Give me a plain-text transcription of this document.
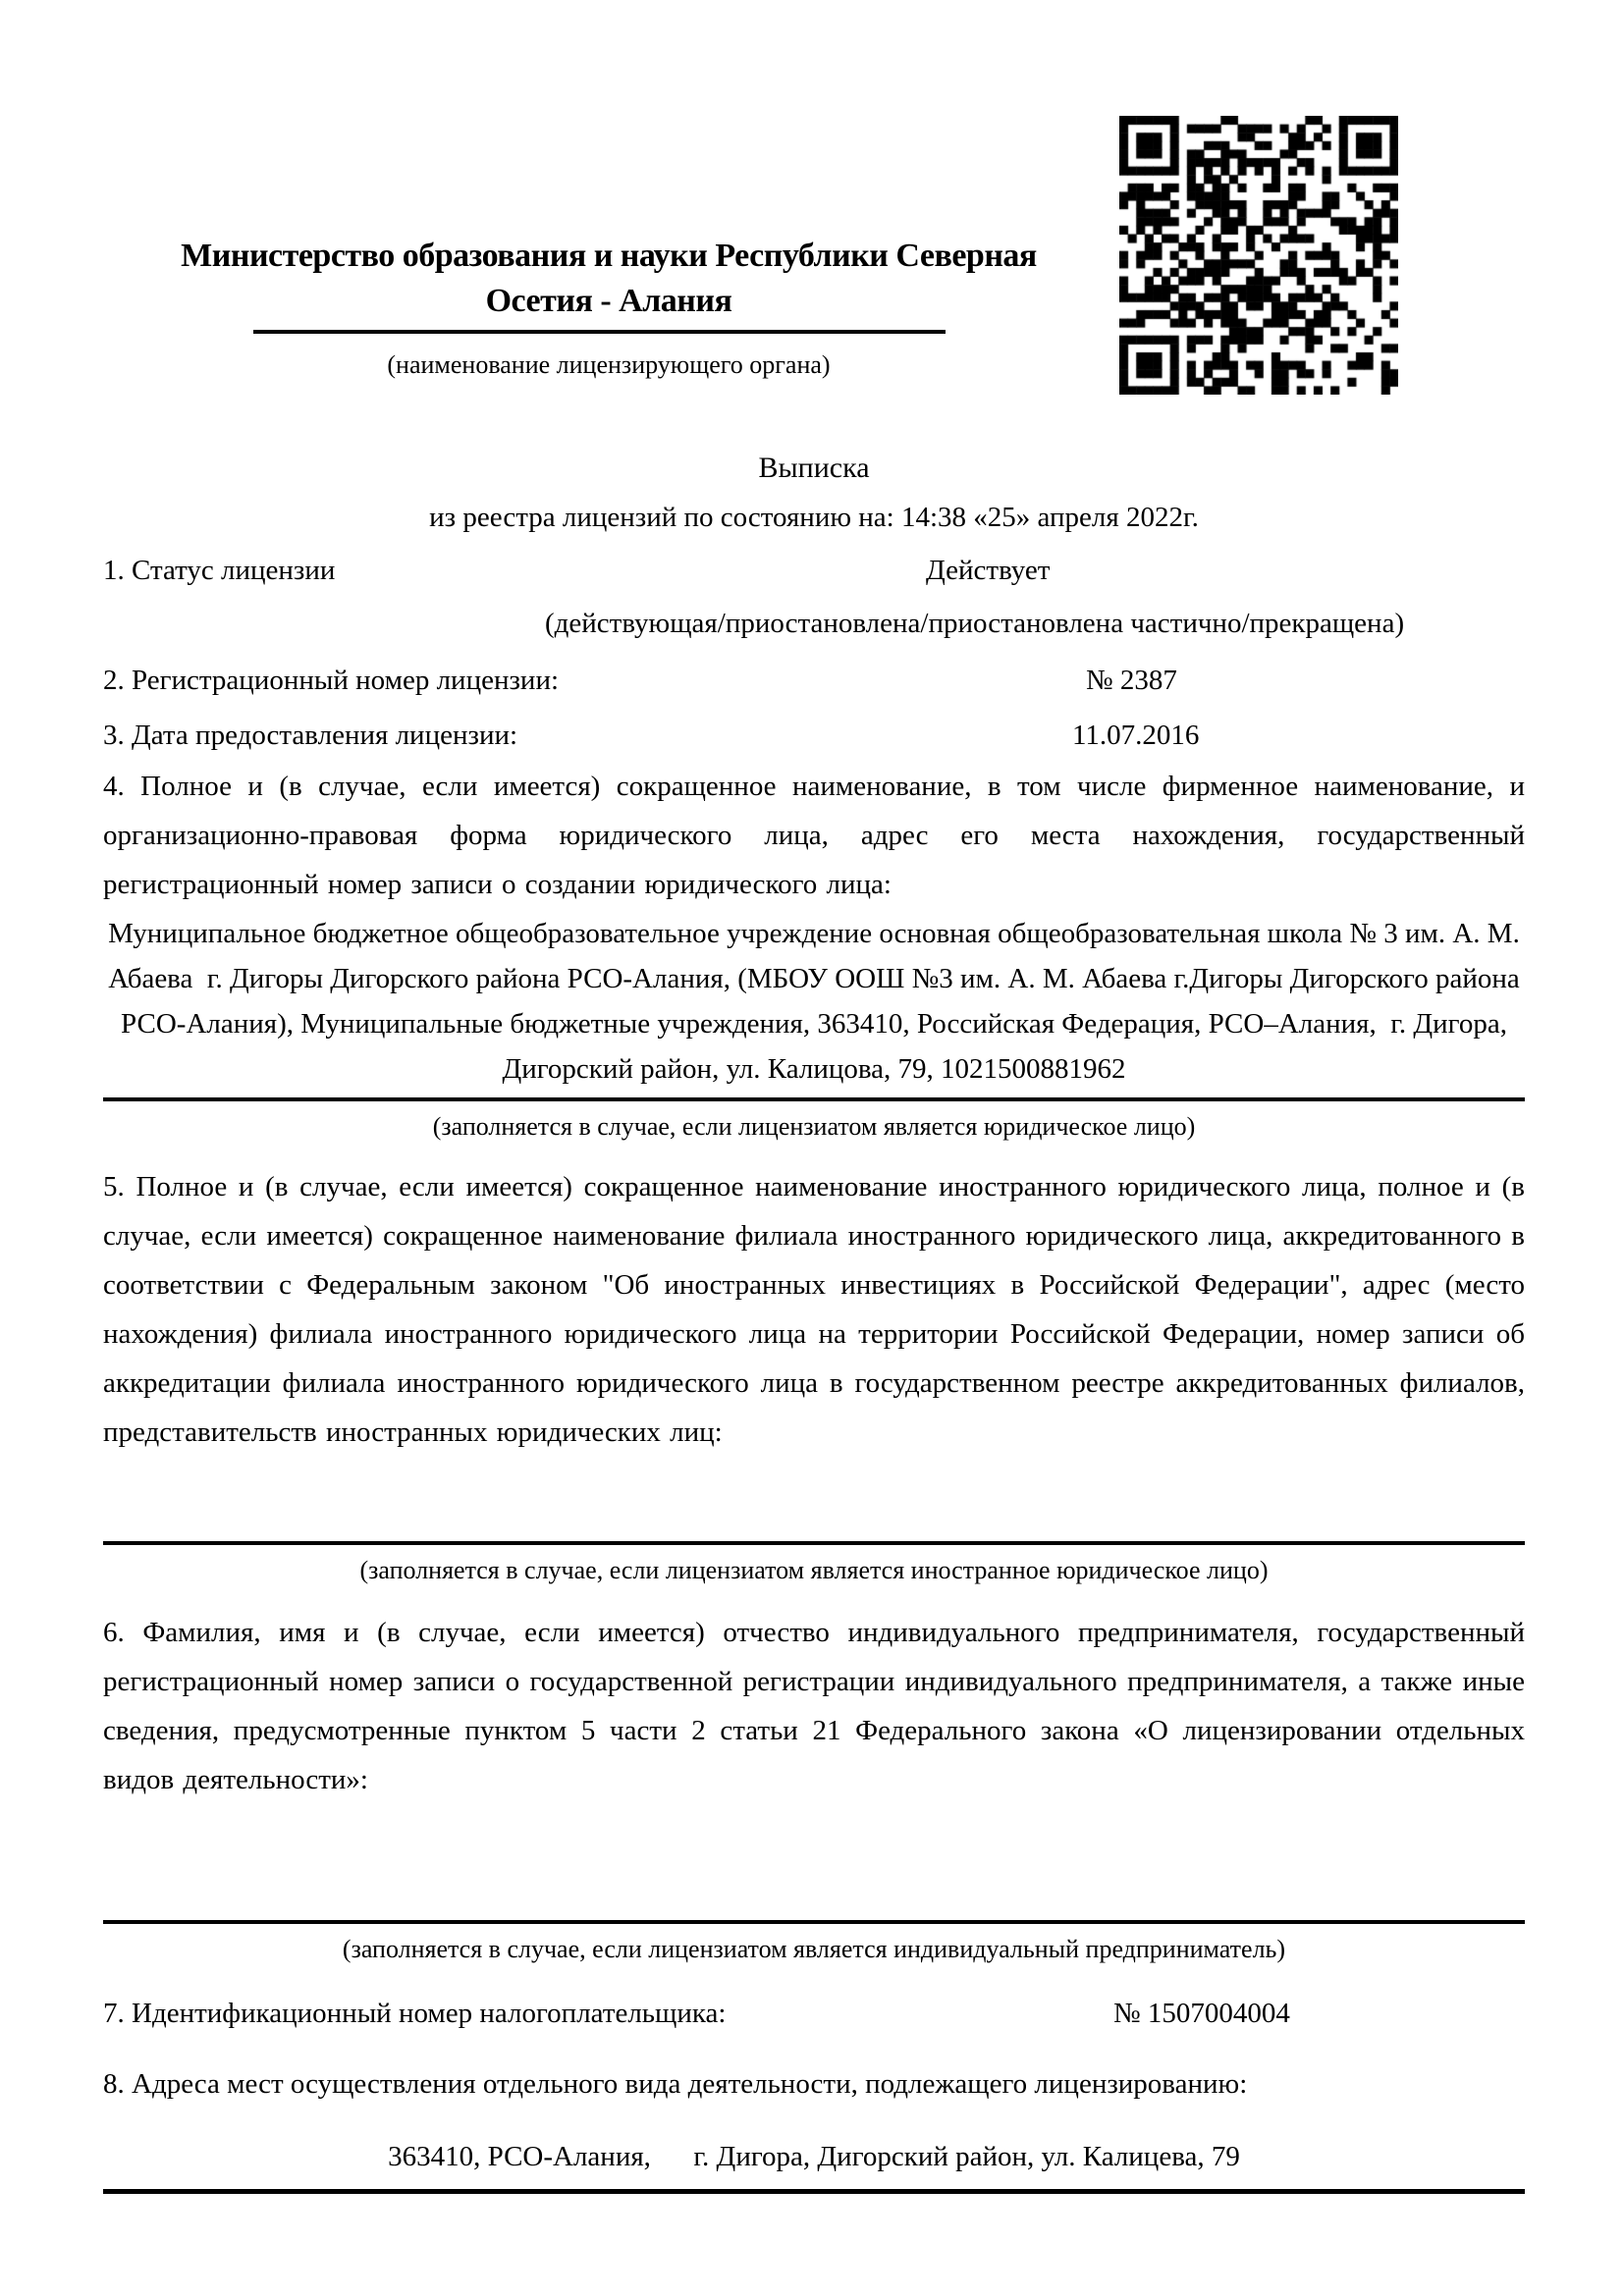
Министерство образования и науки Республики Северная
Осетия - Алания
(наименование лицензирующего органа)
Выписка
из реестра лицензий по состоянию на: 14:38 «25» апреля 2022г.
1. Статус лицензии	Действует
(действующая/приостановлена/приостановлена частично/прекращена)
2. Регистрационный номер лицензии:	№ 2387
3. Дата предоставления лицензии:	11.07.2016
4. Полное и (в случае, если имеется) сокращенное наименование, в том числе фирменное наименование, и организационно-правовая форма юридического лица, адрес его места нахождения, государственный регистрационный номер записи о создании юридического лица:
Муниципальное бюджетное общеобразовательное учреждение основная общеобразовательная школа № 3 им. А. М. Абаева  г. Дигоры Дигорского района РСО-Алания, (МБОУ ООШ №3 им. А. М. Абаева г.Дигоры Дигорского района РСО-Алания), Муниципальные бюджетные учреждения, 363410, Российская Федерация, РСО–Алания,  г. Дигора, Дигорский район, ул. Калицова, 79, 1021500881962
(заполняется в случае, если лицензиатом является юридическое лицо)
5. Полное и (в случае, если имеется) сокращенное наименование иностранного юридического лица, полное и (в случае, если имеется) сокращенное наименование филиала иностранного юридического лица, аккредитованного в соответствии с Федеральным законом "Об иностранных инвестициях в Российской Федерации", адрес (место нахождения) филиала иностранного юридического лица на территории Российской Федерации, номер записи об аккредитации филиала иностранного юридического лица в государственном реестре аккредитованных филиалов, представительств иностранных юридических лиц:
(заполняется в случае, если лицензиатом является иностранное юридическое лицо)
6. Фамилия, имя и (в случае, если имеется) отчество индивидуального предпринимателя, государственный регистрационный номер записи о государственной регистрации индивидуального предпринимателя, а также иные сведения, предусмотренные пунктом 5 части 2 статьи 21 Федерального закона «О лицензировании отдельных видов деятельности»:
(заполняется в случае, если лицензиатом является индивидуальный предприниматель)
7. Идентификационный номер налогоплательщика:	№ 1507004004
8. Адреса мест осуществления отдельного вида деятельности, подлежащего лицензированию:
363410, РСО-Алания,      г. Дигора, Дигорский район, ул. Калицева, 79
